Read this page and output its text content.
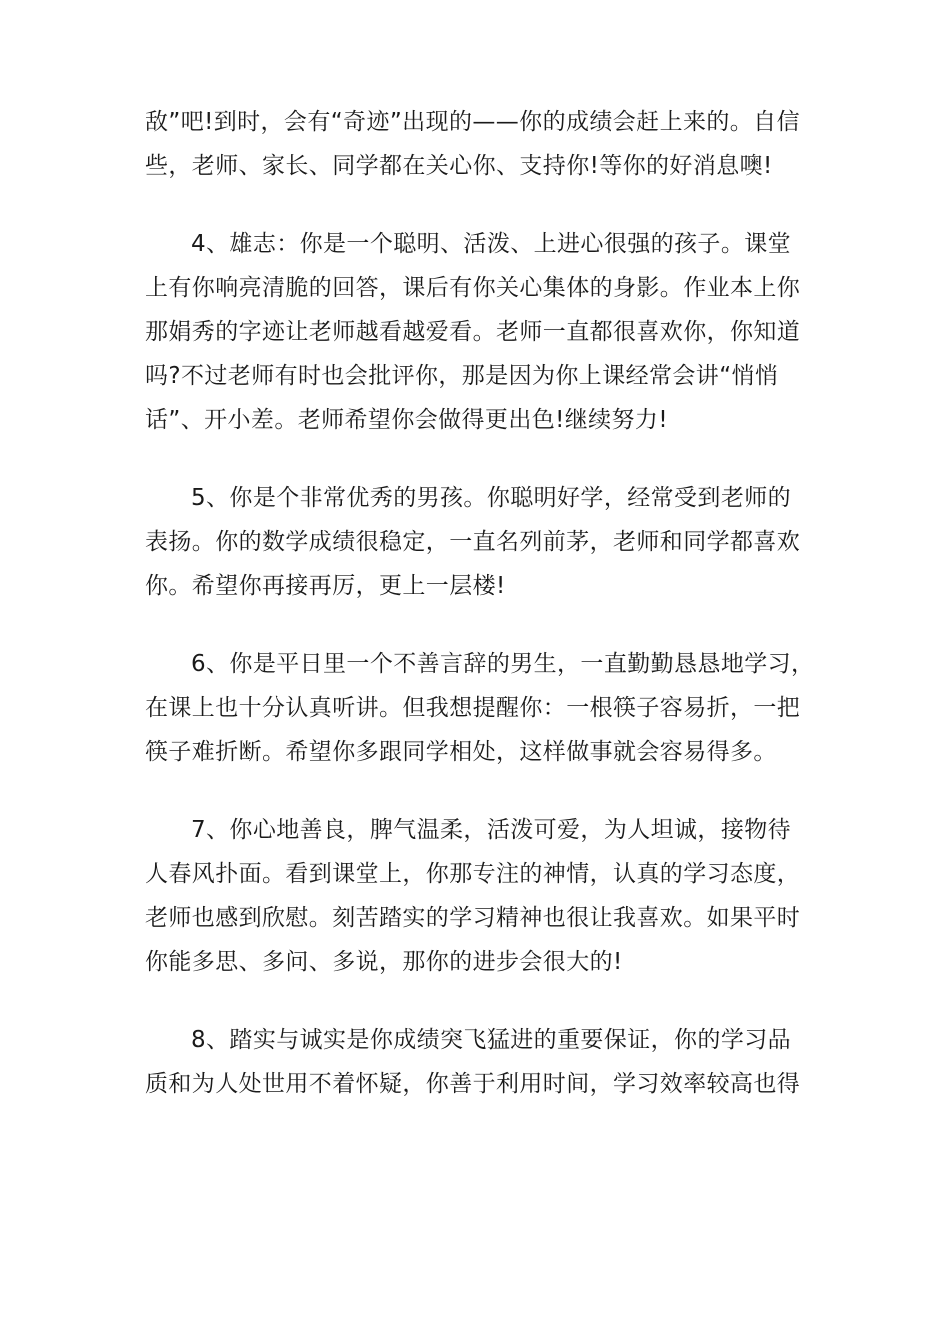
敌”吧!到时，会有“奇迹”出现的——你的成绩会赶上来的。自信
些，老师、家长、同学都在关心你、支持你!等你的好消息噢!
4、雄志：你是一个聪明、活泼、上进心很强的孩子。课堂
上有你响亮清脆的回答，课后有你关心集体的身影。作业本上你
那娟秀的字迹让老师越看越爱看。老师一直都很喜欢你，你知道
吗?不过老师有时也会批评你，那是因为你上课经常会讲“悄悄
话”、开小差。老师希望你会做得更出色!继续努力!
5、你是个非常优秀的男孩。你聪明好学，经常受到老师的
表扬。你的数学成绩很稳定，一直名列前茅，老师和同学都喜欢
你。希望你再接再厉，更上一层楼!
6、你是平日里一个不善言辞的男生，一直勤勤恳恳地学习，
在课上也十分认真听讲。但我想提醒你：一根筷子容易折，一把
筷子难折断。希望你多跟同学相处，这样做事就会容易得多。
7、你心地善良，脾气温柔，活泼可爱，为人坦诚，接物待
人春风扑面。看到课堂上，你那专注的神情，认真的学习态度，
老师也感到欣慰。刻苦踏实的学习精神也很让我喜欢。如果平时
你能多思、多问、多说，那你的进步会很大的!
8、踏实与诚实是你成绩突飞猛进的重要保证，你的学习品
质和为人处世用不着怀疑，你善于利用时间，学习效率较高也得
